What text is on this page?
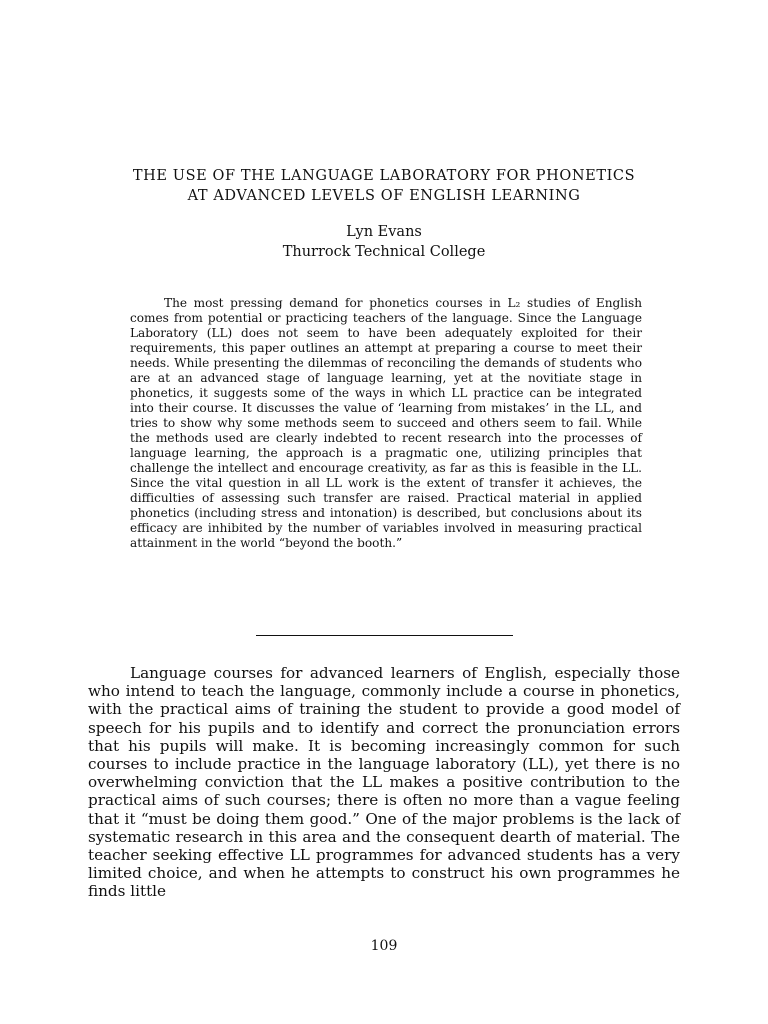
THE USE OF THE LANGUAGE LABORATORY FOR PHONETICS
AT ADVANCED LEVELS OF ENGLISH LEARNING
Lyn Evans
Thurrock Technical College

The most pressing demand for phonetics courses in L₂ studies of English comes from potential or practicing teachers of the language. Since the Language Laboratory (LL) does not seem to have been adequately exploited for their requirements, this paper outlines an attempt at preparing a course to meet their needs. While presenting the dilemmas of reconciling the demands of students who are at an advanced stage of language learning, yet at the novitiate stage in phonetics, it suggests some of the ways in which LL practice can be integrated into their course. It discusses the value of ‘learning from mistakes’ in the LL, and tries to show why some methods seem to succeed and others seem to fail. While the methods used are clearly indebted to recent research into the processes of language learning, the approach is a pragmatic one, utilizing principles that challenge the intellect and encourage creativity, as far as this is feasible in the LL. Since the vital question in all LL work is the extent of transfer it achieves, the difficulties of assessing such transfer are raised. Practical material in applied phonetics (including stress and intonation) is described, but conclusions about its efficacy are inhibited by the number of variables involved in measuring practical attainment in the world “beyond the booth.”

Language courses for advanced learners of English, especially those who intend to teach the language, commonly include a course in phonetics, with the practical aims of training the student to provide a good model of speech for his pupils and to identify and correct the pronunciation errors that his pupils will make. It is becoming increasingly common for such courses to include practice in the language laboratory (LL), yet there is no overwhelming conviction that the LL makes a positive contribution to the practical aims of such courses; there is often no more than a vague feeling that it “must be doing them good.” One of the major problems is the lack of systematic research in this area and the consequent dearth of material. The teacher seeking effective LL programmes for advanced students has a very limited choice, and when he attempts to construct his own programmes he finds little

109
